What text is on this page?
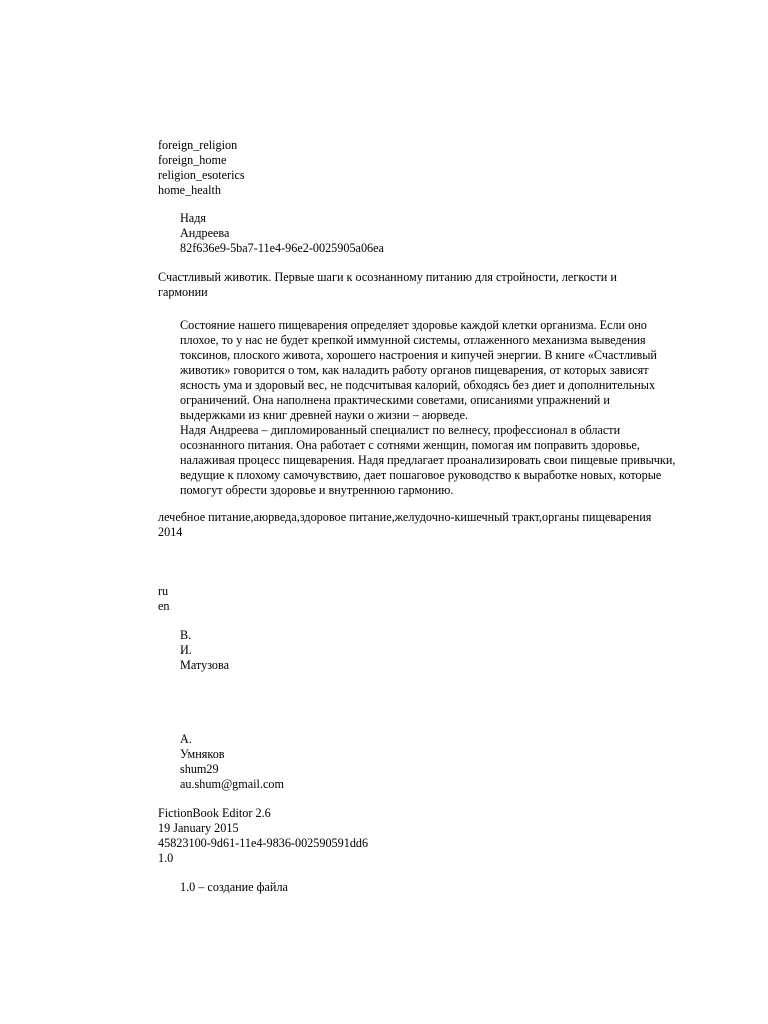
foreign_religion
foreign_home
religion_esoterics
home_health
Надя
Андреева
82f636e9-5ba7-11e4-96e2-0025905a06ea
Счастливый животик. Первые шаги к осознанному питанию для стройности, легкости и гармонии
Состояние нашего пищеварения определяет здоровье каждой клетки организма. Если оно плохое, то у нас не будет крепкой иммунной системы, отлаженного механизма выведения токсинов, плоского живота, хорошего настроения и кипучей энергии. В книге «Счастливый животик» говорится о том, как наладить работу органов пищеварения, от которых зависят ясность ума и здоровый вес, не подсчитывая калорий, обходясь без диет и дополнительных ограничений. Она наполнена практическими советами, описаниями упражнений и выдержками из книг древней науки о жизни – аюрведе.
Надя Андреева – дипломированный специалист по велнесу, профессионал в области осознанного питания. Она работает с сотнями женщин, помогая им поправить здоровье, налаживая процесс пищеварения. Надя предлагает проанализировать свои пищевые привычки, ведущие к плохому самочувствию, дает пошаговое руководство к выработке новых, которые помогут обрести здоровье и внутреннюю гармонию.
лечебное питание,аюрведа,здоровое питание,желудочно-кишечный тракт,органы пищеварения
2014
ru
en
В.
И.
Матузова
А.
Умняков
shum29
au.shum@gmail.com
FictionBook Editor 2.6
19 January 2015
45823100-9d61-11e4-9836-002590591dd6
1.0
1.0 – создание файла
